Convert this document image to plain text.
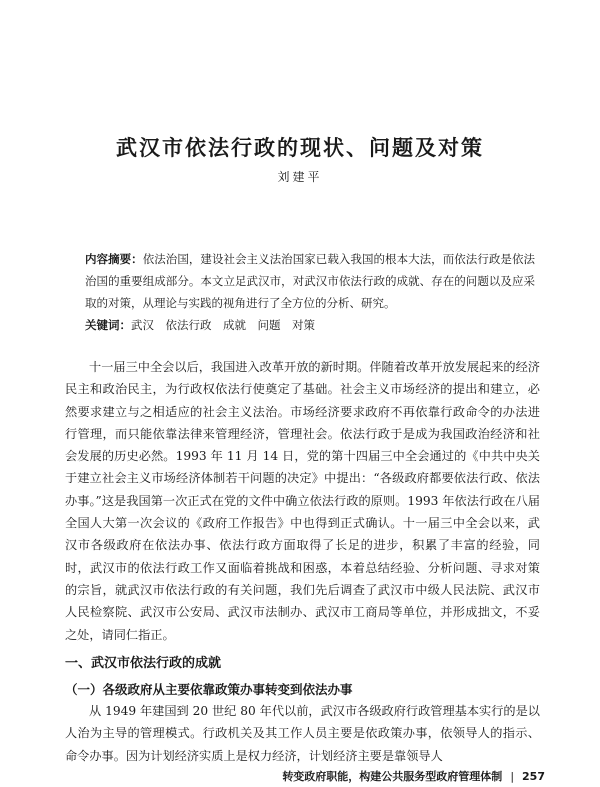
武汉市依法行政的现状、问题及对策
刘建平

内容摘要：依法治国，建设社会主义法治国家已载入我国的根本大法，而依法行政是依法治国的重要组成部分。本文立足武汉市，对武汉市依法行政的成就、存在的问题以及应采取的对策，从理论与实践的视角进行了全方位的分析、研究。

关键词：武汉　依法行政　成就　问题　对策

十一届三中全会以后，我国进入改革开放的新时期。伴随着改革开放发展起来的经济民主和政治民主，为行政权依法行使奠定了基础。社会主义市场经济的提出和建立，必然要求建立与之相适应的社会主义法治。市场经济要求政府不再依靠行政命令的办法进行管理，而只能依靠法律来管理经济，管理社会。依法行政于是成为我国政治经济和社会发展的历史必然。1993 年 11 月 14 日，党的第十四届三中全会通过的《中共中央关于建立社会主义市场经济体制若干问题的决定》中提出：“各级政府都要依法行政、依法办事。”这是我国第一次正式在党的文件中确立依法行政的原则。1993 年依法行政在八届全国人大第一次会议的《政府工作报告》中也得到正式确认。十一届三中全会以来，武汉市各级政府在依法办事、依法行政方面取得了长足的进步，积累了丰富的经验，同时，武汉市的依法行政工作又面临着挑战和困惑，本着总结经验、分析问题、寻求对策的宗旨，就武汉市依法行政的有关问题，我们先后调查了武汉市中级人民法院、武汉市人民检察院、武汉市公安局、武汉市法制办、武汉市工商局等单位，并形成拙文，不妥之处，请同仁指正。

一、武汉市依法行政的成就
（一）各级政府从主要依靠政策办事转变到依法办事

从 1949 年建国到 20 世纪 80 年代以前，武汉市各级政府行政管理基本实行的是以人治为主导的管理模式。行政机关及其工作人员主要是依政策办事，依领导人的指示、命令办事。因为计划经济实质上是权力经济，计划经济主要是靠领导人

转变政府职能，构建公共服务型政府管理体制 | 257
